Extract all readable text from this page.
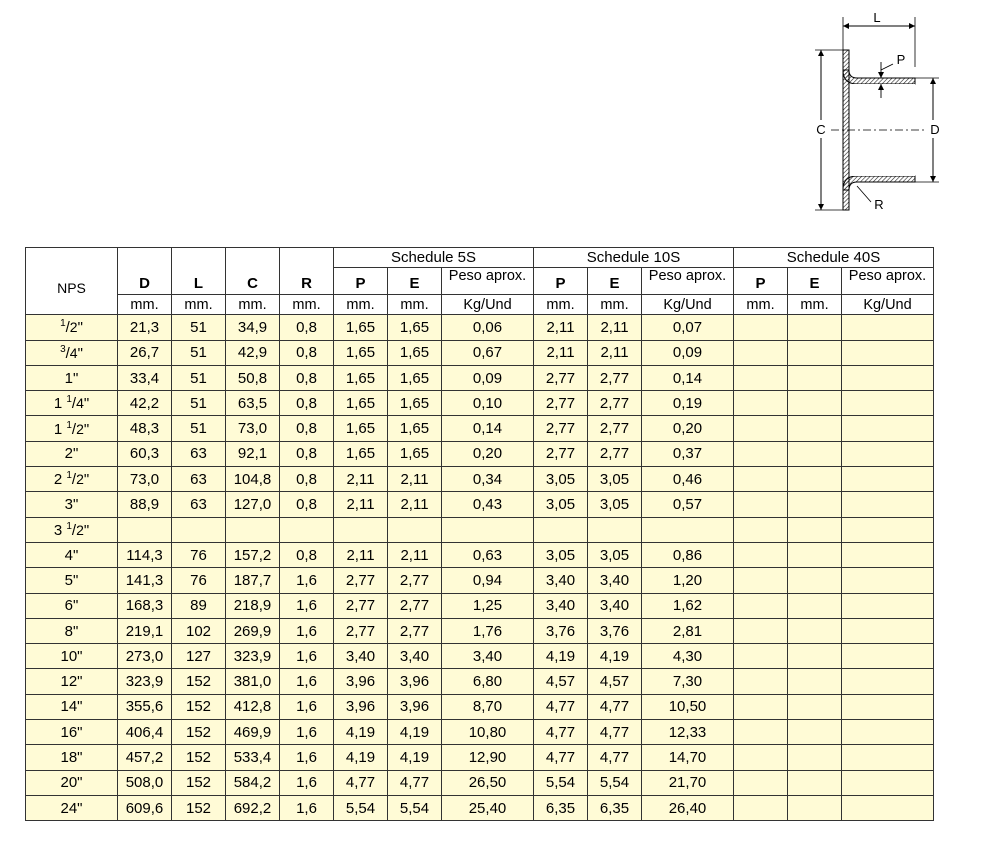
L
C	D
P
R
NPS	D	L	C	R	Schedule 5S			Schedule 10S			Schedule 40S		
					P	E	Peso aprox.	P	E	Peso aprox.	P	E	Peso aprox.
	mm.	mm.	mm.	mm.	mm.	mm.	Kg/Und	mm.	mm.	Kg/Und	mm.	mm.	Kg/Und
$^1$/2"	21,3	51	34,9	0,8	1,65	1,65	0,06	2,11	2,11	0,07			
$^3$/4"	26,7	51	42,9	0,8	1,65	1,65	0,67	2,11	2,11	0,09			
1"	33,4	51	50,8	0,8	1,65	1,65	0,09	2,77	2,77	0,14			
1 $^1$/4"	42,2	51	63,5	0,8	1,65	1,65	0,10	2,77	2,77	0,19			
1 $^1$/2"	48,3	51	73,0	0,8	1,65	1,65	0,14	2,77	2,77	0,20			
2"	60,3	63	92,1	0,8	1,65	1,65	0,20	2,77	2,77	0,37			
2 $^1$/2"	73,0	63	104,8	0,8	2,11	2,11	0,34	3,05	3,05	0,46			
3"	88,9	63	127,0	0,8	2,11	2,11	0,43	3,05	3,05	0,57			
3 $^1$/2"													
4"	114,3	76	157,2	0,8	2,11	2,11	0,63	3,05	3,05	0,86			
5"	141,3	76	187,7	1,6	2,77	2,77	0,94	3,40	3,40	1,20			
6"	168,3	89	218,9	1,6	2,77	2,77	1,25	3,40	3,40	1,62			
8"	219,1	102	269,9	1,6	2,77	2,77	1,76	3,76	3,76	2,81			
10"	273,0	127	323,9	1,6	3,40	3,40	3,40	4,19	4,19	4,30			
12"	323,9	152	381,0	1,6	3,96	3,96	6,80	4,57	4,57	7,30			
14"	355,6	152	412,8	1,6	3,96	3,96	8,70	4,77	4,77	10,50			
16"	406,4	152	469,9	1,6	4,19	4,19	10,80	4,77	4,77	12,33			
18"	457,2	152	533,4	1,6	4,19	4,19	12,90	4,77	4,77	14,70			
20"	508,0	152	584,2	1,6	4,77	4,77	26,50	5,54	5,54	21,70			
24"	609,6	152	692,2	1,6	5,54	5,54	25,40	6,35	6,35	26,40			
